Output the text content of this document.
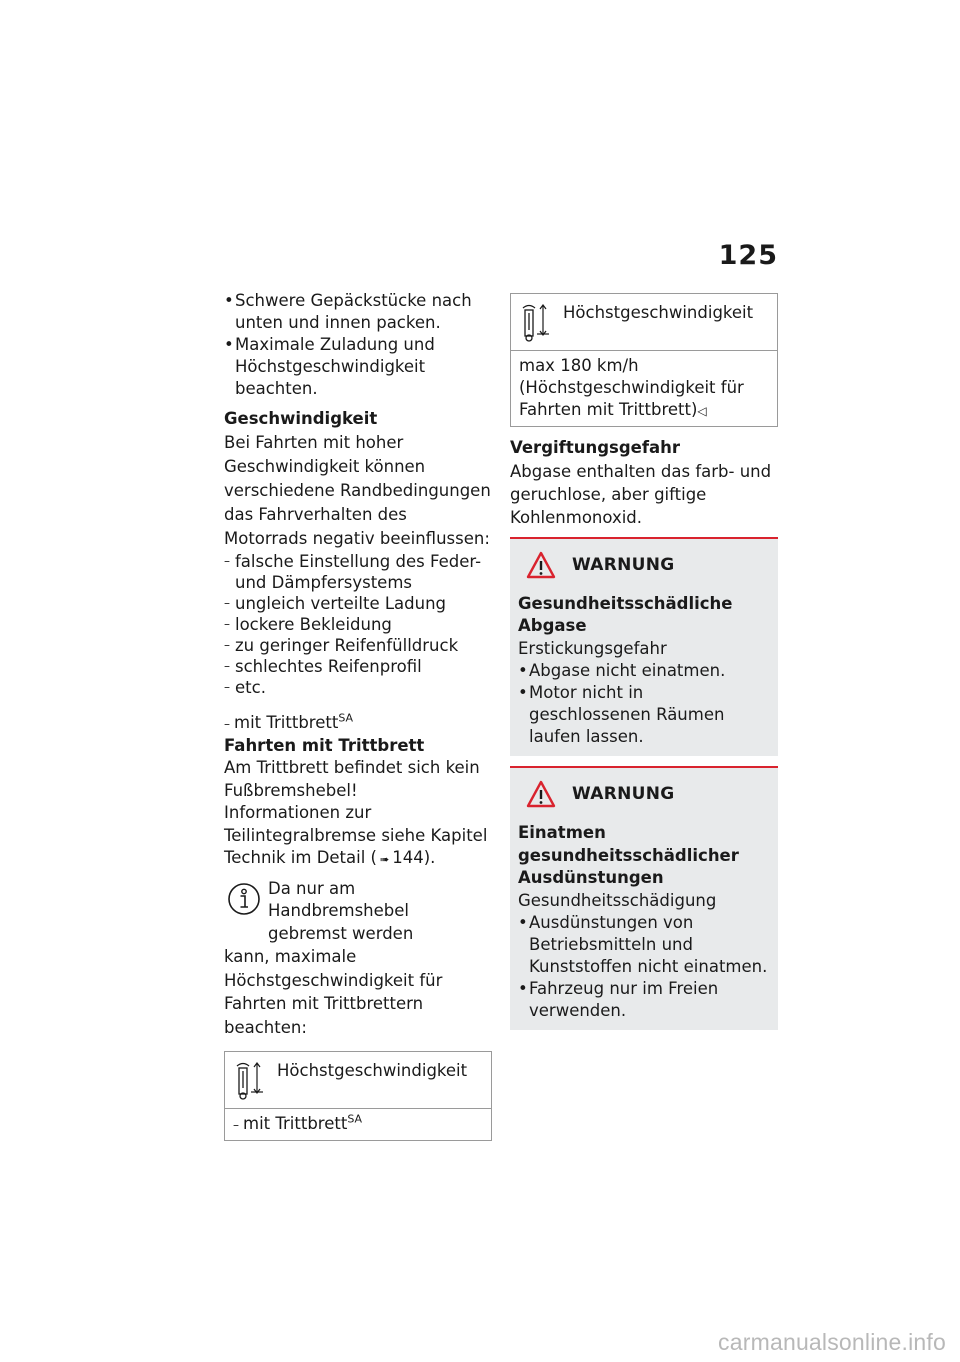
125
• Schwere Gepäckstücke nach unten und innen packen.
• Maximale Zuladung und Höchstgeschwindigkeit beachten.
Geschwindigkeit
Bei Fahrten mit hoher Geschwindigkeit können verschiedene Randbedingungen das Fahrverhalten des Motorrads negativ beeinflussen:
– falsche Einstellung des Feder- und Dämpfersystems
– ungleich verteilte Ladung
– lockere Bekleidung
– zu geringer Reifenfülldruck
– schlechtes Reifenprofil
– etc.
– mit Trittbrett$^{SA}$
Fahrten mit Trittbrett
Am Trittbrett befindet sich kein Fußbremshebel!
Informationen zur Teilintegralbremse siehe Kapitel Technik im Detail ( ➠ 144).
Da nur am Handbremshebel gebremst werden
kann, maximale Höchstgeschwindigkeit für Fahrten mit Trittbrettern beachten:
Höchstgeschwindigkeit
– mit Trittbrett$^{SA}$
Höchstgeschwindigkeit
max 180 km/h (Höchstgeschwindigkeit für Fahrten mit Trittbrett)◁
Vergiftungsgefahr
Abgase enthalten das farb- und geruchlose, aber giftige Kohlenmonoxid.
WARNUNG
Gesundheitsschädliche Abgase
Erstickungsgefahr
• Abgase nicht einatmen.
• Motor nicht in geschlossenen Räumen laufen lassen.
WARNUNG
Einatmen gesundheitsschädlicher Ausdünstungen
Gesundheitsschädigung
• Ausdünstungen von Betriebsmitteln und Kunststoffen nicht einatmen.
• Fahrzeug nur im Freien verwenden.
carmanualsonline.info
